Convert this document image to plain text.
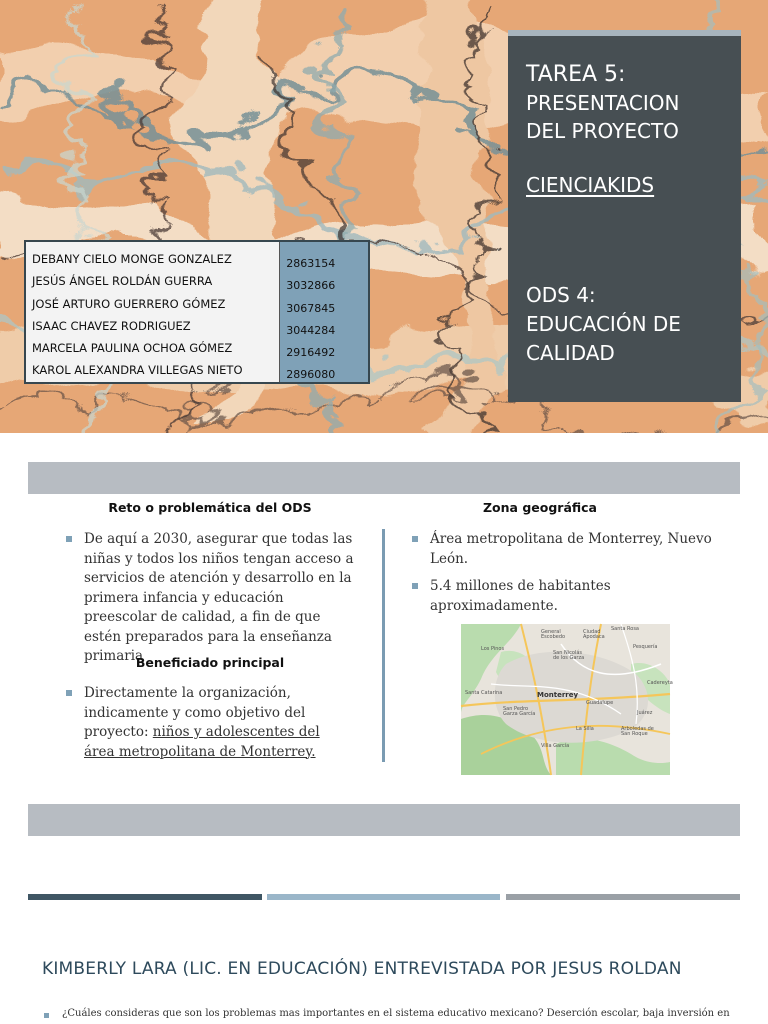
TAREA 5:
PRESENTACION
DEL PROYECTO
CIENCIAKIDS
ODS 4:
EDUCACIÓN DE
CALIDAD
DEBANY CIELO MONGE GONZALEZ
JESÚS ÁNGEL ROLDÁN GUERRA
JOSÉ ARTURO GUERRERO GÓMEZ
ISAAC CHAVEZ RODRIGUEZ
MARCELA PAULINA OCHOA GÓMEZ
KAROL ALEXANDRA VILLEGAS NIETO
2863154
3032866
3067845
3044284
2916492
2896080
Reto o problemática del ODS	Zona geográfica
De aquí a 2030, asegurar que todas las niñas y todos los niños tengan acceso a servicios de atención y desarrollo en la primera infancia y educación preescolar de calidad, a fin de que estén preparados para la enseñanza primaria
Beneficiado principal
Directamente la organización, indicamente y como objetivo del proyecto: niños y adolescentes del área metropolitana de Monterrey.
Área metropolitana de Monterrey, Nuevo León.
5.4 millones de habitantes aproximadamente.
General Escobedo
Ciudad Apodaca
Santa Rosa
Los Pinos
San Nicolás de los Garza
Pesquería
Monterrey
Guadalupe
San Pedro Garza García
Santa Catarina
Juárez
La Silla	Arboledas de San Roque
Villa García
Cadereyta
KIMBERLY LARA (LIC. EN EDUCACIÓN) ENTREVISTADA POR JESUS ROLDAN
¿Cuáles consideras que son los problemas mas importantes en el sistema educativo mexicano? Deserción escolar, baja inversión en
